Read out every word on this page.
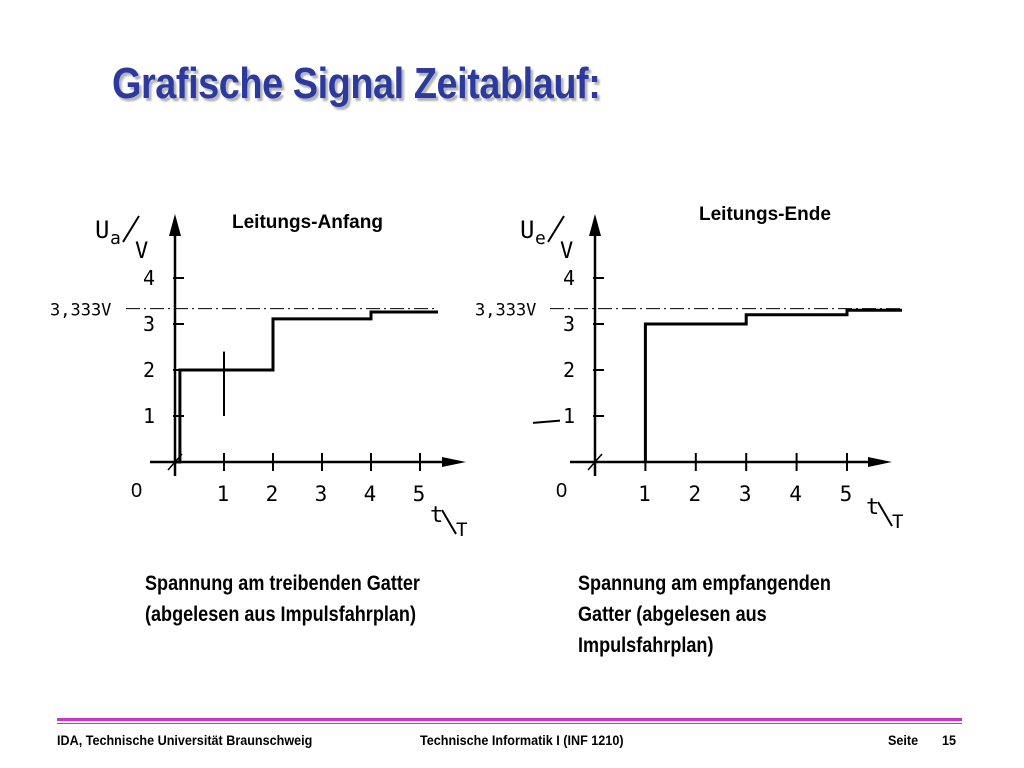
Grafische Signal Zeitablauf:
Leitungs-Anfang
1
2
3
4
1 2 3 4 5
0
3,333V
U a
V
t
T
Leitungs-Ende
1
2
3
4
1 2 3 4 5
0
3,333V
U e
V
t
T
Spannung am treibenden Gatter
(abgelesen aus Impulsfahrplan)
Spannung am empfangenden
Gatter (abgelesen aus
Impulsfahrplan)
IDA, Technische Universität Braunschweig	Technische Informatik I (INF 1210)	Seite 15
